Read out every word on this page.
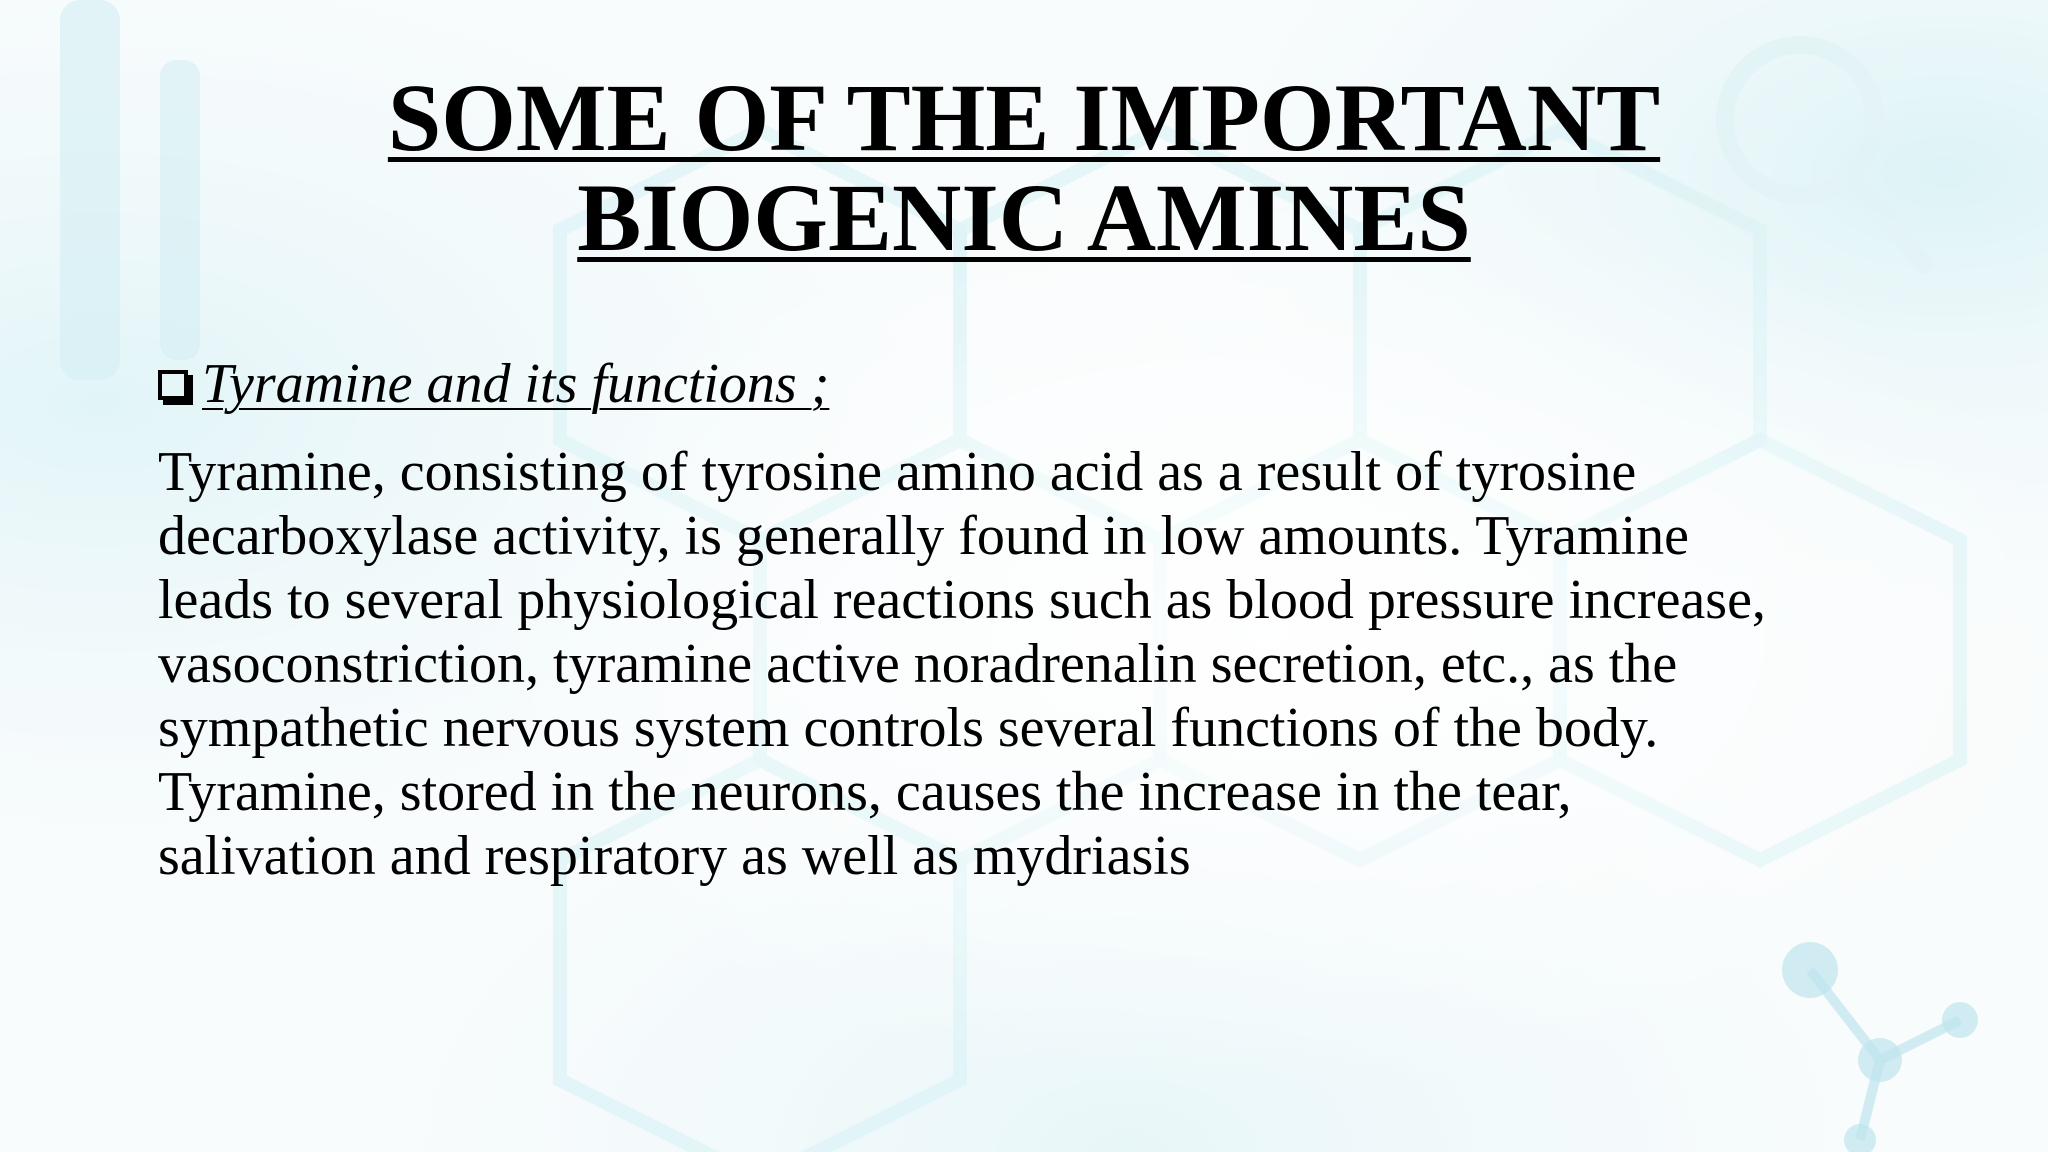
SOME OF THE IMPORTANT
BIOGENIC AMINES
Tyramine and its functions ;

Tyramine, consisting of tyrosine amino acid as a result of tyrosine
decarboxylase activity, is generally found in low amounts. Tyramine
leads to several physiological reactions such as blood pressure increase,
vasoconstriction, tyramine active noradrenalin secretion, etc., as the
sympathetic nervous system controls several functions of the body.
Tyramine, stored in the neurons, causes the increase in the tear,
salivation and respiratory as well as mydriasis
